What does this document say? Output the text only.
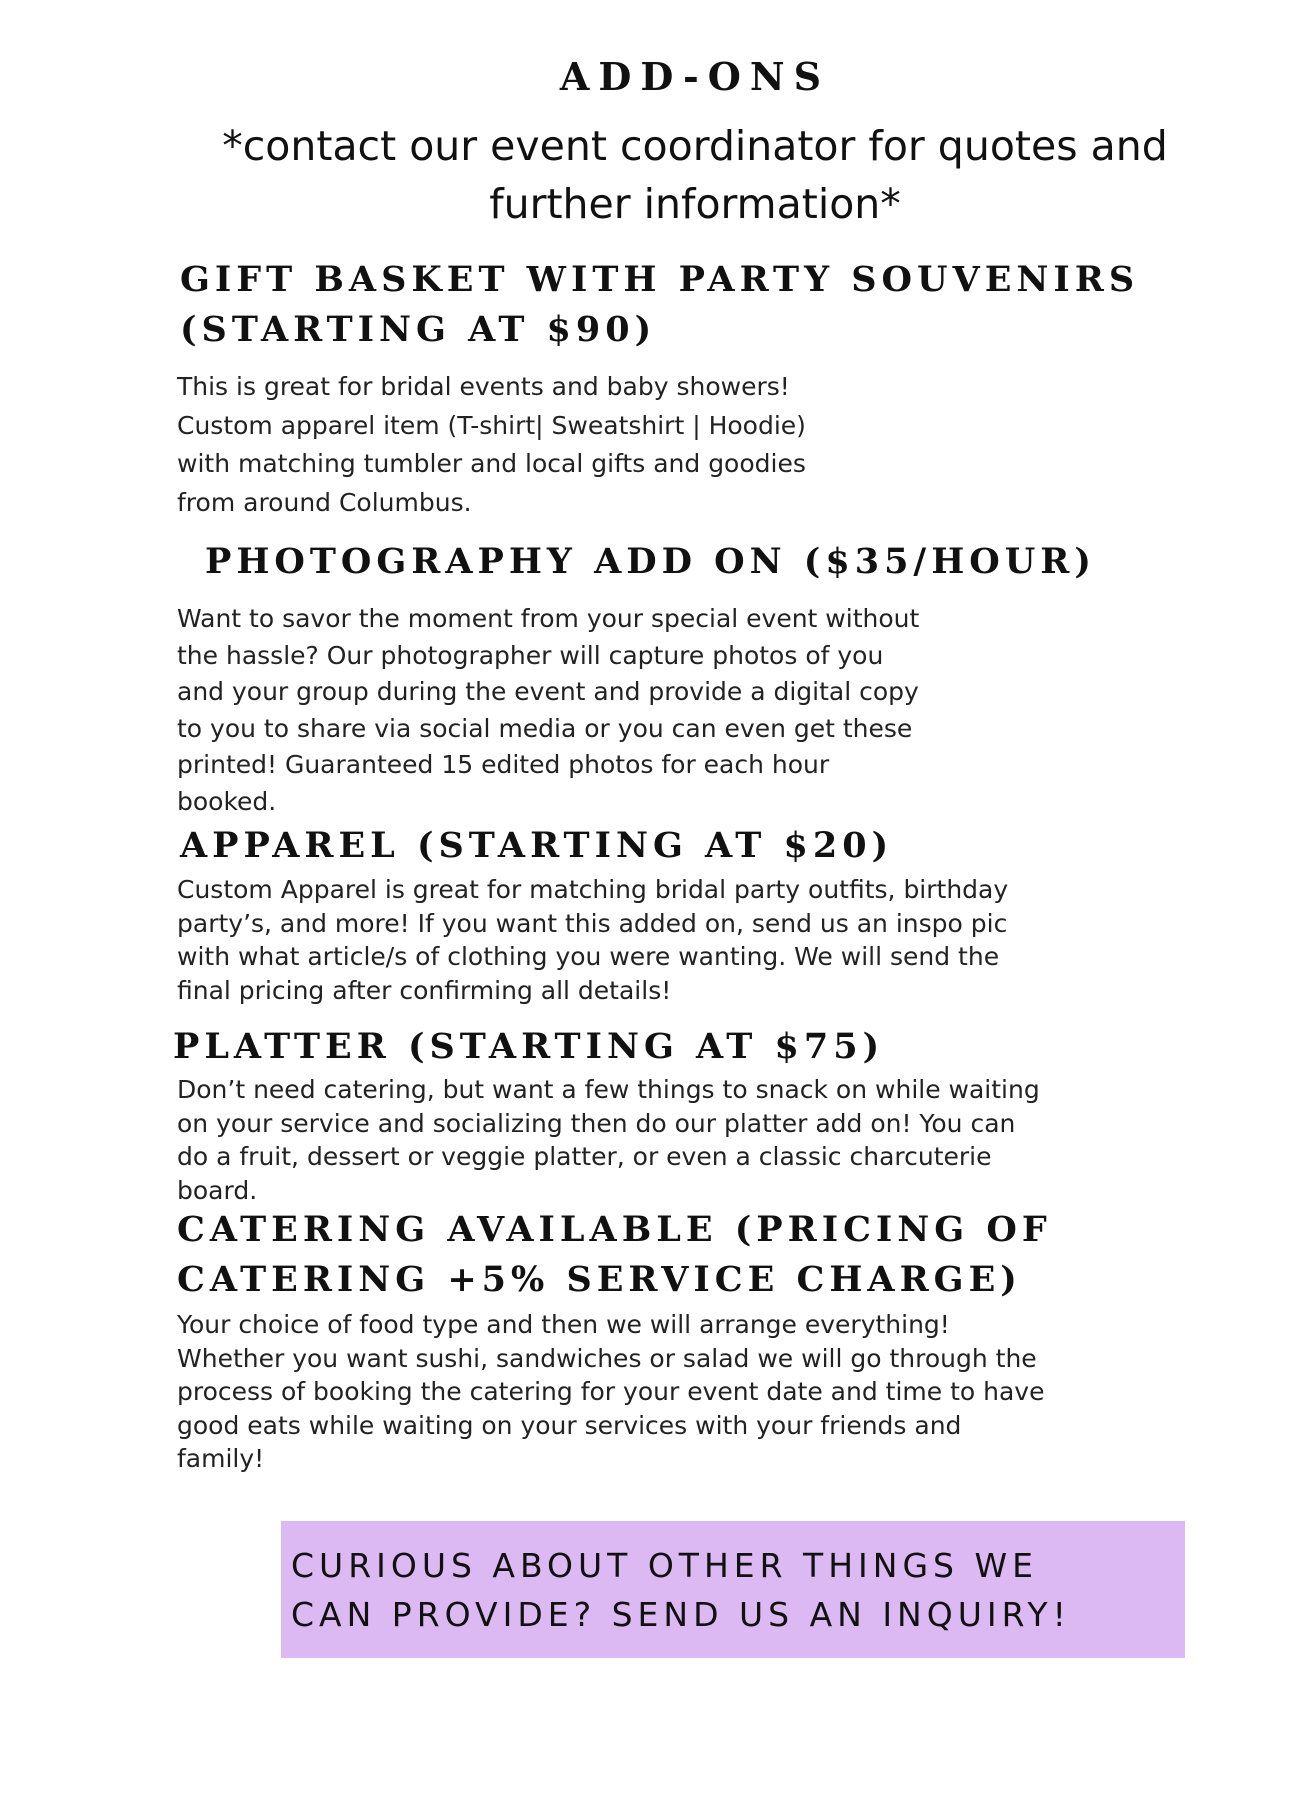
ADD-ONS
*contact our event coordinator for quotes and further information*
GIFT BASKET WITH PARTY SOUVENIRS
(STARTING AT $90)
This is great for bridal events and baby showers!
Custom apparel item (T-shirt| Sweatshirt | Hoodie)
with matching tumbler and local gifts and goodies
from around Columbus.
PHOTOGRAPHY ADD ON ($35/HOUR)
Want to savor the moment from your special event without
the hassle? Our photographer will capture photos of you
and your group during the event and provide a digital copy
to you to share via social media or you can even get these
printed! Guaranteed 15 edited photos for each hour
booked.
APPAREL (STARTING AT $20)
Custom Apparel is great for matching bridal party outfits, birthday
party’s, and more! If you want this added on, send us an inspo pic
with what article/s of clothing you were wanting. We will send the
final pricing after confirming all details!
PLATTER (STARTING AT $75)
Don’t need catering, but want a few things to snack on while waiting
on your service and socializing then do our platter add on! You can
do a fruit, dessert or veggie platter, or even a classic charcuterie
board.
CATERING AVAILABLE (PRICING OF
CATERING +5% SERVICE CHARGE)
Your choice of food type and then we will arrange everything!
Whether you want sushi, sandwiches or salad we will go through the
process of booking the catering for your event date and time to have
good eats while waiting on your services with your friends and
family!
CURIOUS ABOUT OTHER THINGS WE
CAN PROVIDE? SEND US AN INQUIRY!
